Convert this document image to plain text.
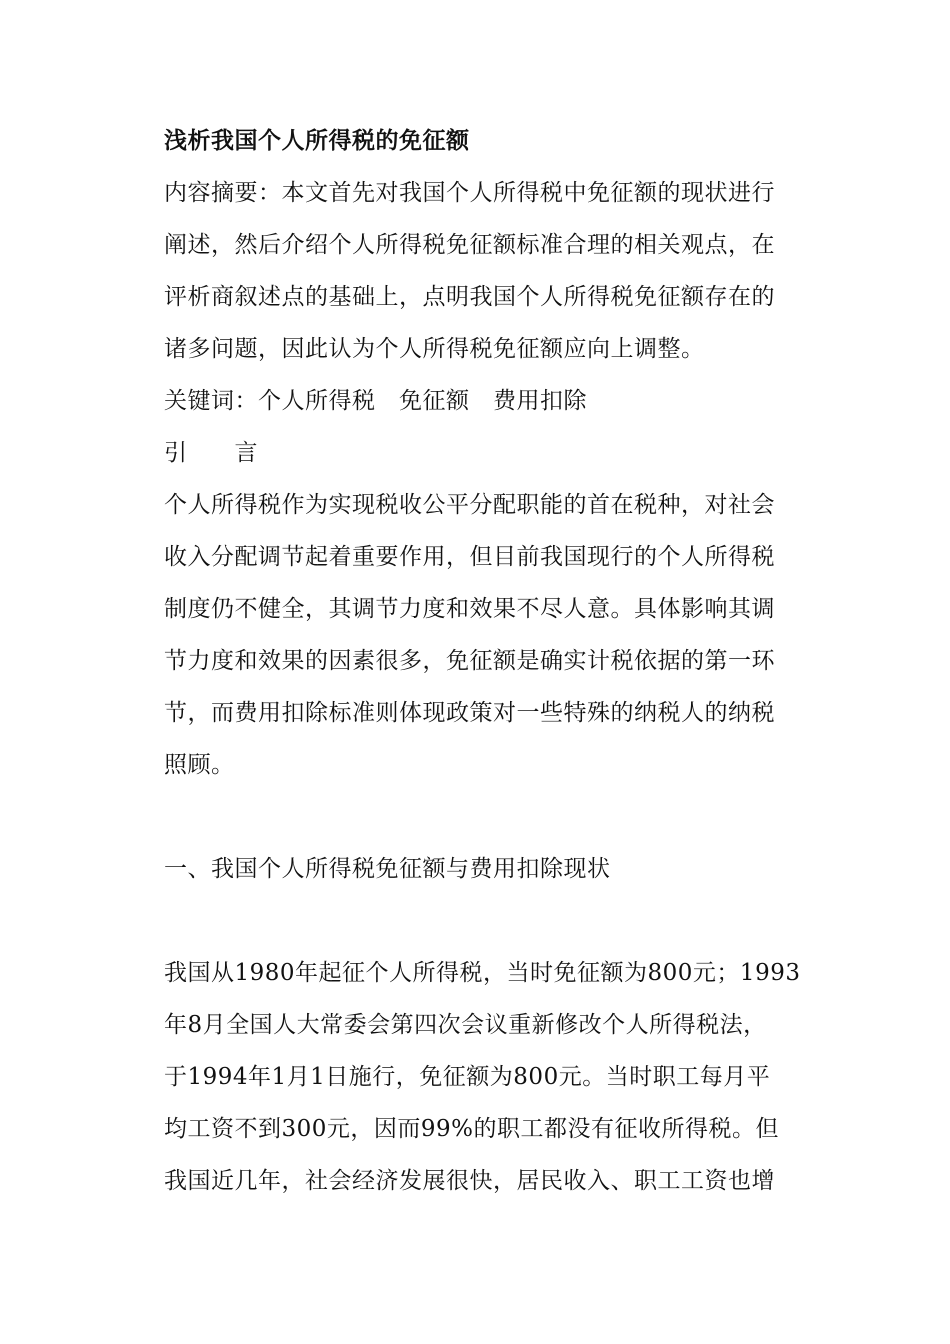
浅析我国个人所得税的免征额
内容摘要：本文首先对我国个人所得税中免征额的现状进行
阐述，然后介绍个人所得税免征额标准合理的相关观点，在
评析商叙述点的基础上，点明我国个人所得税免征额存在的
诸多问题，因此认为个人所得税免征额应向上调整。
关键词：个人所得税　免征额　费用扣除
引　　言
个人所得税作为实现税收公平分配职能的首在税种，对社会
收入分配调节起着重要作用，但目前我国现行的个人所得税
制度仍不健全，其调节力度和效果不尽人意。具体影响其调
节力度和效果的因素很多，免征额是确实计税依据的第一环
节，而费用扣除标准则体现政策对一些特殊的纳税人的纳税
照顾。
一、我国个人所得税免征额与费用扣除现状
我国从1980年起征个人所得税，当时免征额为800元；1993
年8月全国人大常委会第四次会议重新修改个人所得税法，
于1994年1月1日施行，免征额为800元。当时职工每月平
均工资不到300元，因而99%的职工都没有征收所得税。但
我国近几年，社会经济发展很快，居民收入、职工工资也增
